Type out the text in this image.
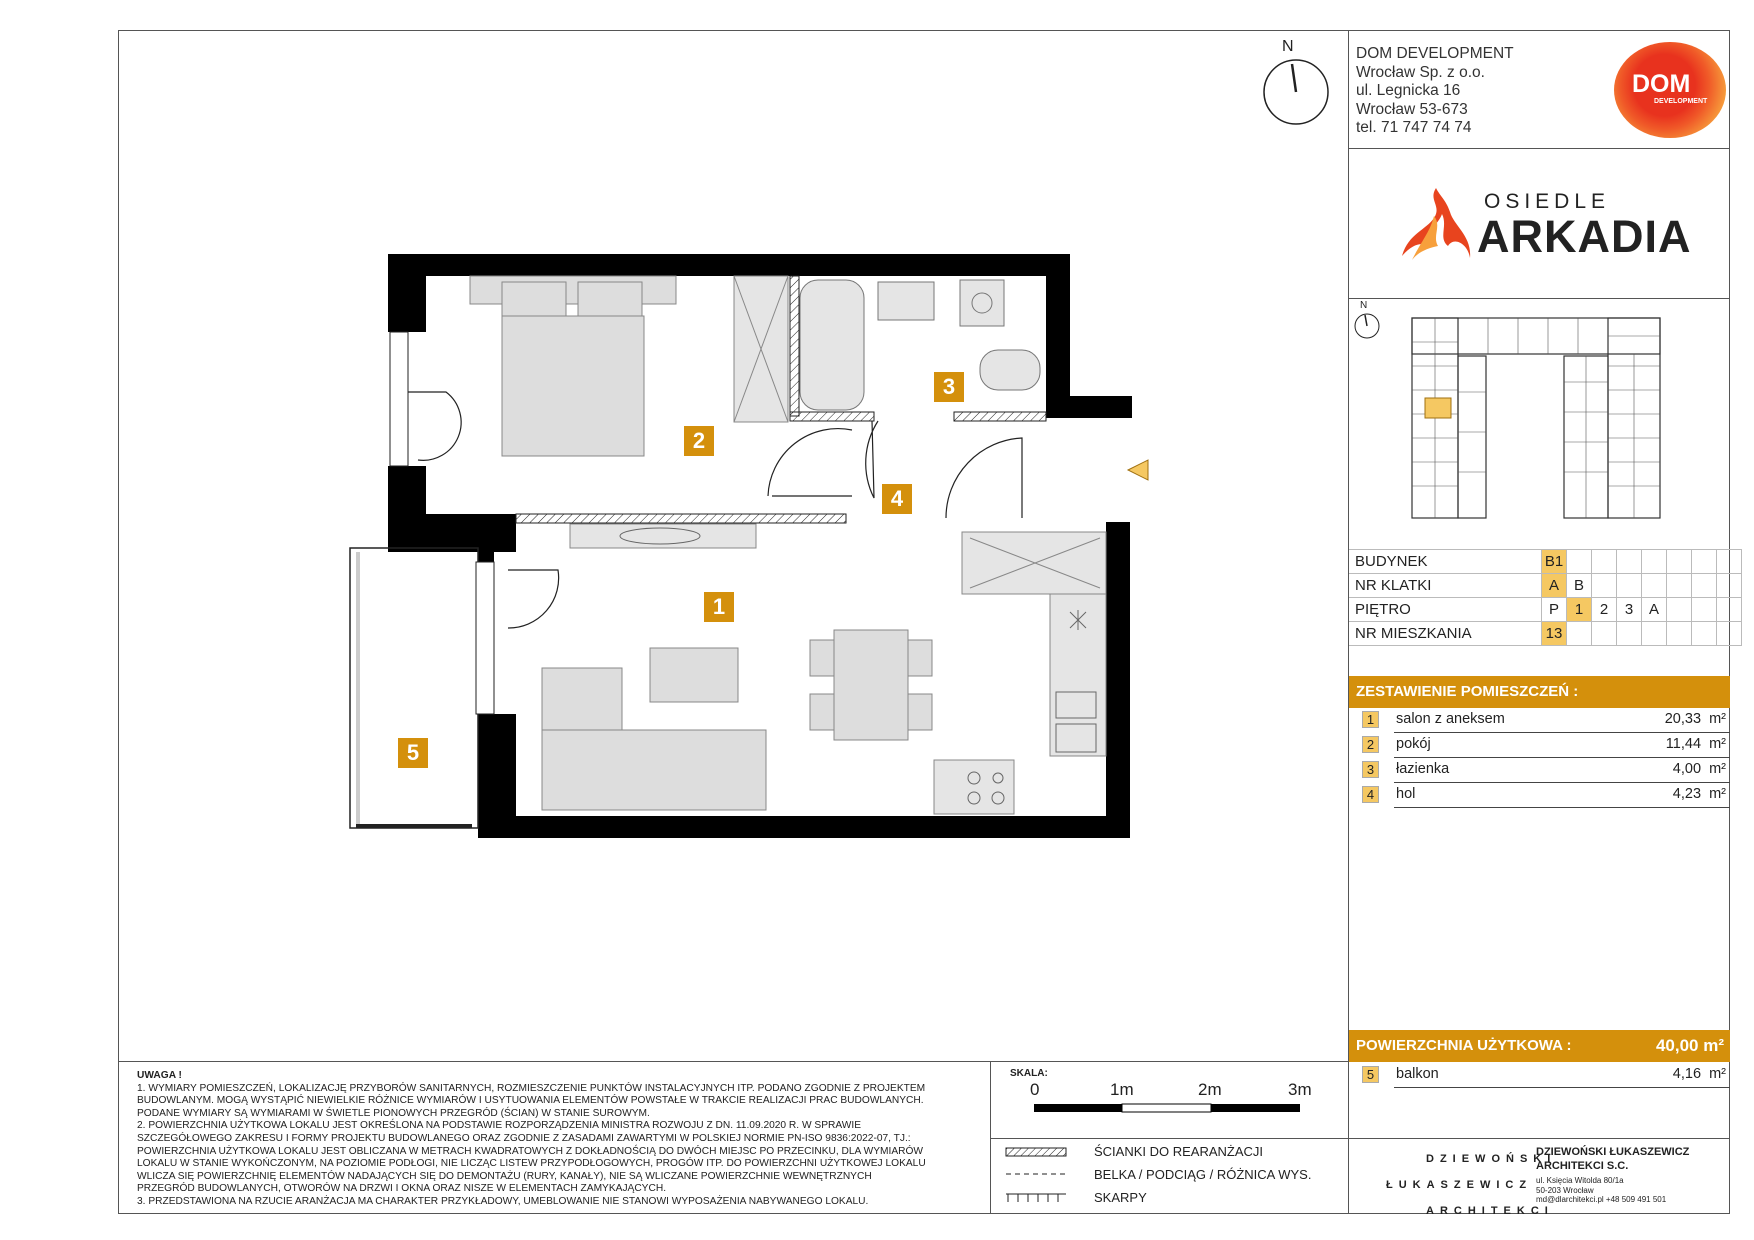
DOM DEVELOPMENT
Wrocław Sp. z o.o.
ul. Legnicka 16
Wrocław 53-673
tel. 71 747 74 74
DOM
DEVELOPMENT
OSIEDLE
ARKADIA
N
N
BUDYNEK	B1							
NR KLATKI	A	B						
PIĘTRO	P	1	2	3	A			
NR MIESZKANIA	13							
ZESTAWIENIE POMIESZCZEŃ :
1	salon z aneksem	20,33 m²
2	pokój	11,44 m²
3	łazienka	4,00 m²
4	hol	4,23 m²
POWIERZCHNIA UŻYTKOWA :	40,00 m²
5	balkon	4,16 m²
1
2
3
4
5
UWAGA !
1. WYMIARY POMIESZCZEŃ, LOKALIZACJĘ PRZYBORÓW SANITARNYCH, ROZMIESZCZENIE PUNKTÓW INSTALACYJNYCH ITP. PODANO ZGODNIE Z PROJEKTEM
BUDOWLANYM. MOGĄ WYSTĄPIĆ NIEWIELKIE RÓŻNICE WYMIARÓW I USYTUOWANIA ELEMENTÓW POWSTAŁE W TRAKCIE REALIZACJI PRAC BUDOWLANYCH.
PODANE WYMIARY SĄ WYMIARAMI W ŚWIETLE PIONOWYCH PRZEGRÓD (ŚCIAN) W STANIE SUROWYM.
2. POWIERZCHNIA UŻYTKOWA LOKALU JEST OKREŚLONA NA PODSTAWIE ROZPORZĄDZENIA MINISTRA ROZWOJU Z DN. 11.09.2020 R. W SPRAWIE
SZCZEGÓŁOWEGO ZAKRESU I FORMY PROJEKTU BUDOWLANEGO ORAZ ZGODNIE Z ZASADAMI ZAWARTYMI W POLSKIEJ NORMIE PN-ISO 9836:2022-07, TJ.:
POWIERZCHNIA UŻYTKOWA LOKALU JEST OBLICZANA W METRACH KWADRATOWYCH Z DOKŁADNOŚCIĄ DO DWÓCH MIEJSC PO PRZECINKU, DLA WYMIARÓW
LOKALU W STANIE WYKOŃCZONYM, NA POZIOMIE PODŁOGI, NIE LICZĄC LISTEW PRZYPODŁOGOWYCH, PROGÓW ITP. DO POWIERZCHNI UŻYTKOWEJ LOKALU
WLICZA SIĘ POWIERZCHNIĘ ELEMENTÓW NADAJĄCYCH SIĘ DO DEMONTAŻU (RURY, KANAŁY), NIE SĄ WLICZANE POWIERZCHNIE WEWNĘTRZNYCH
PRZEGRÓD BUDOWLANYCH, OTWORÓW NA DRZWI I OKNA ORAZ NISZE W ELEMENTACH ZAMYKAJĄCYCH.
3. PRZEDSTAWIONA NA RZUCIE ARANŻACJA MA CHARAKTER PRZYKŁADOWY, UMEBLOWANIE NIE STANOWI WYPOSAŻENIA NABYWANEGO LOKALU.
SKALA:
0	1m	2m	3m
ŚCIANKI DO REARANŻACJI
BELKA / PODCIĄG / RÓŻNICA WYS.
SKARPY
DZIEWOŃSKI
ŁUKASZEWICZ
ARCHITEKCI
DZIEWOŃSKI ŁUKASZEWICZ
ARCHITEKCI S.C.
ul. Księcia Witolda 80/1a
50-203 Wrocław
md@dlarchitekci.pl +48 509 491 501
